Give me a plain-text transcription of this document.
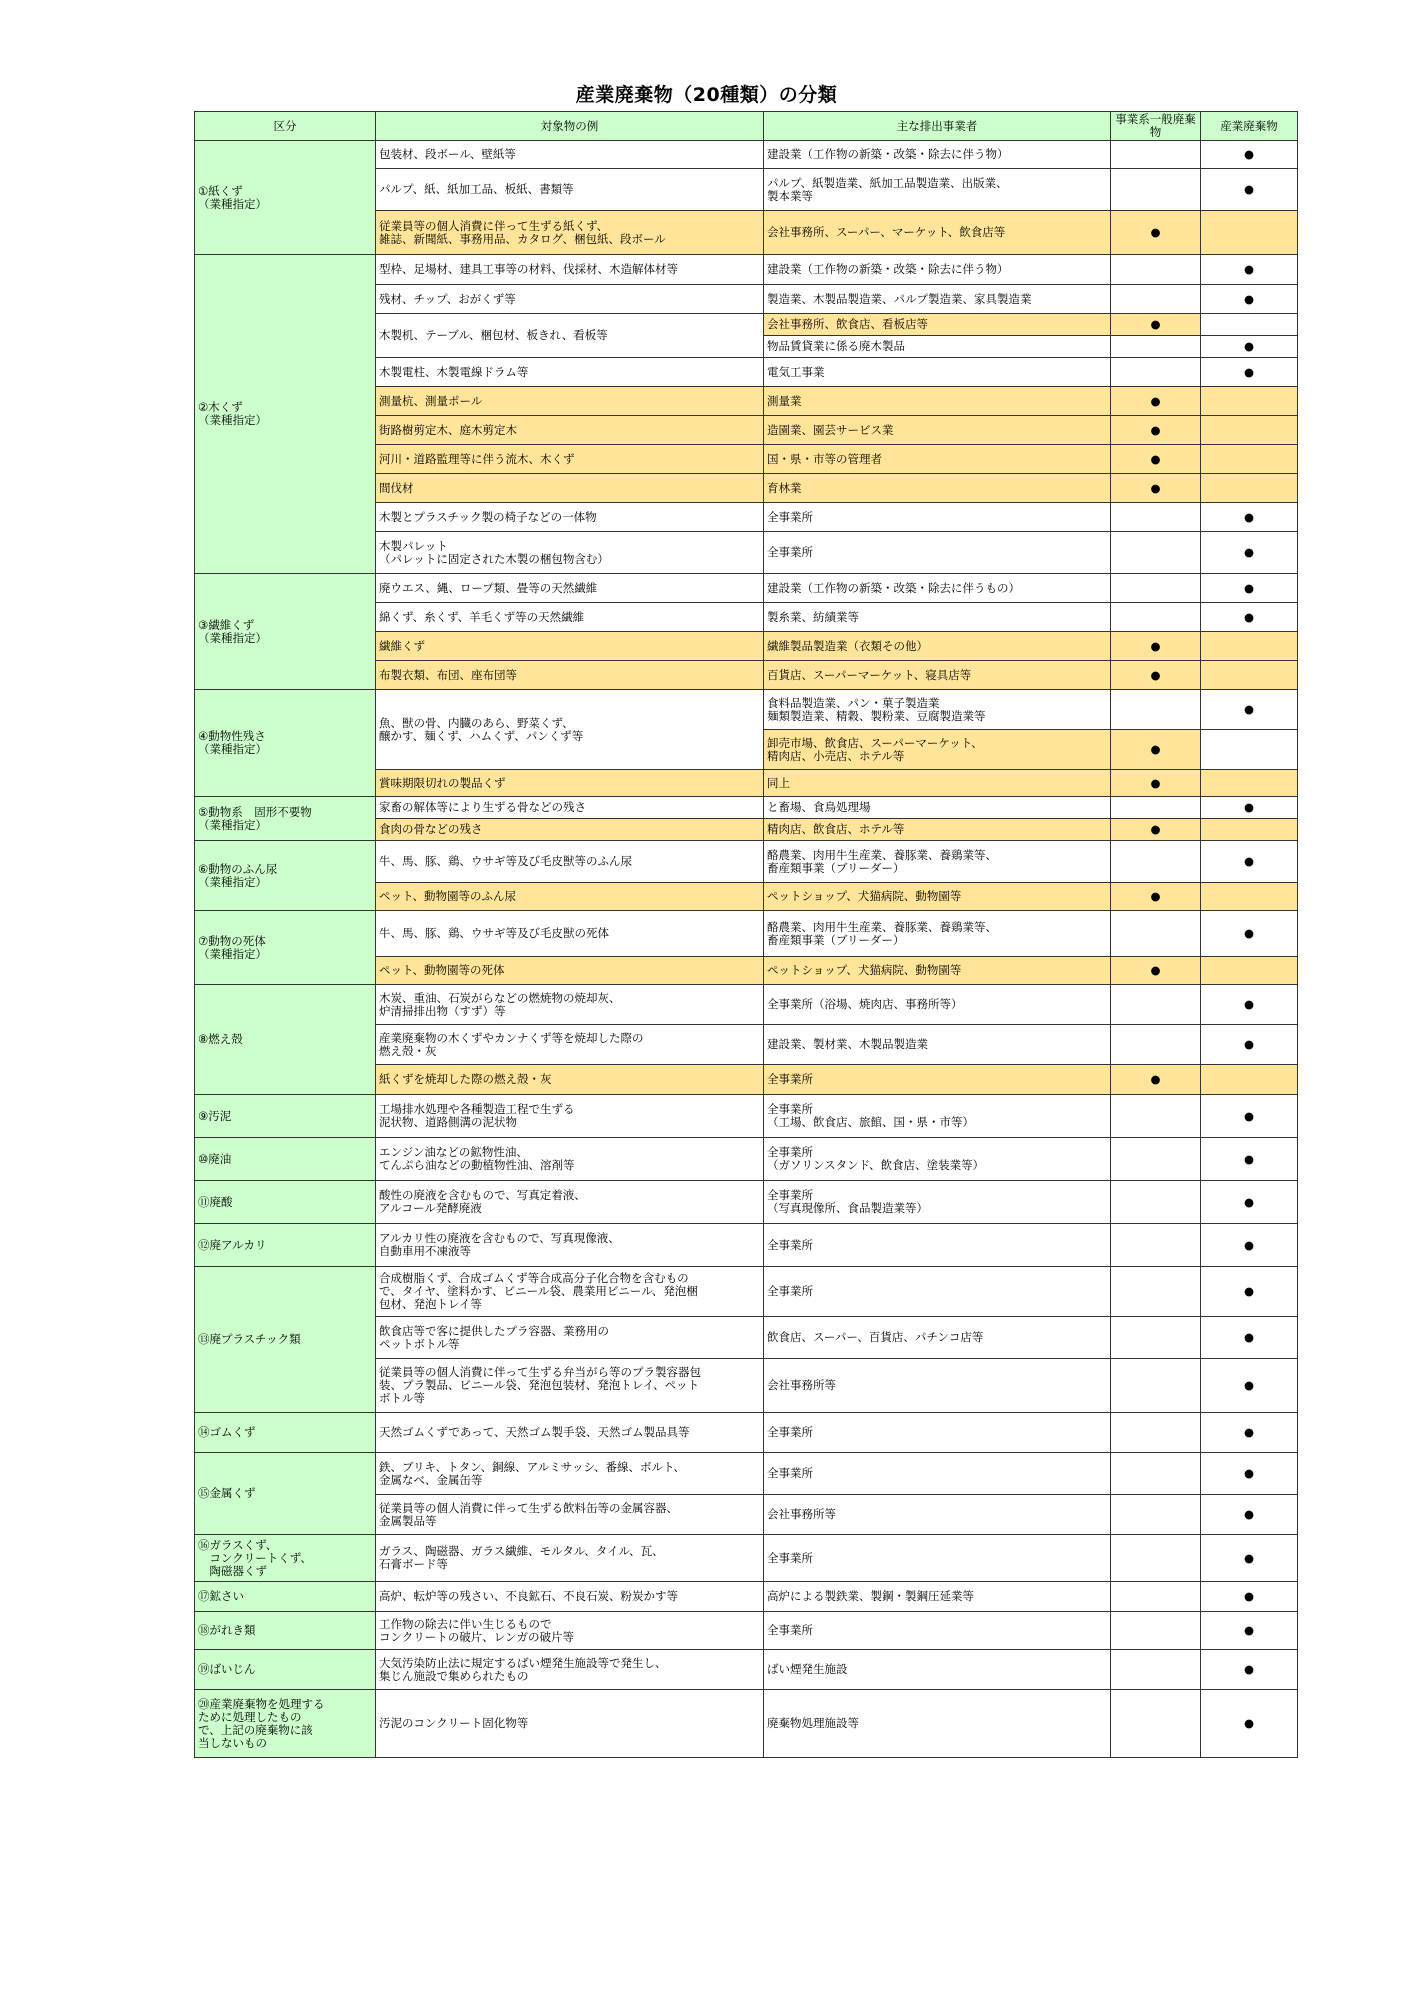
産業廃棄物（20種類）の分類
区分	対象物の例	主な排出事業者	事業系一般廃棄物	産業廃棄物
①紙くず
（業種指定）	包装材、段ボール、壁紙等	建設業（工作物の新築・改築・除去に伴う物）		●
	パルプ、紙、紙加工品、板紙、書類等	パルプ、紙製造業、紙加工品製造業、出版業、
製本業等		●
	従業員等の個人消費に伴って生ずる紙くず、
雑誌、新聞紙、事務用品、カタログ、梱包紙、段ボール	会社事務所、スーパー、マーケット、飲食店等	●	
②木くず
（業種指定）	型枠、足場材、建具工事等の材料、伐採材、木造解体材等	建設業（工作物の新築・改築・除去に伴う物）		●
	残材、チップ、おがくず等	製造業、木製品製造業、パルプ製造業、家具製造業		●
	木製机、テーブル、梱包材、板きれ、看板等	会社事務所、飲食店、看板店等	●	
		物品賃貸業に係る廃木製品		●
	木製電柱、木製電線ドラム等	電気工事業		●
	測量杭、測量ポール	測量業	●	
	街路樹剪定木、庭木剪定木	造園業、園芸サービス業	●	
	河川・道路監理等に伴う流木、木くず	国・県・市等の管理者	●	
	間伐材	育林業	●	
	木製とプラスチック製の椅子などの一体物	全事業所		●
	木製パレット
（パレットに固定された木製の梱包物含む）	全事業所		●
③繊維くず
（業種指定）	廃ウエス、縄、ロープ類、畳等の天然繊維	建設業（工作物の新築・改築・除去に伴うもの）		●
	綿くず、糸くず、羊毛くず等の天然繊維	製糸業、紡績業等		●
	繊維くず	繊維製品製造業（衣類その他）	●	
	布製衣類、布団、座布団等	百貨店、スーパーマーケット、寝具店等	●	
④動物性残さ
（業種指定）	魚、獣の骨、内臓のあら、野菜くず、
醸かす、麺くず、ハムくず、パンくず等	食料品製造業、パン・菓子製造業
麺類製造業、精穀、製粉業、豆腐製造業等		●
		卸売市場、飲食店、スーパーマーケット、
精肉店、小売店、ホテル等	●	
	賞味期限切れの製品くず	同上	●	
⑤動物系　固形不要物
（業種指定）	家畜の解体等により生ずる骨などの残さ	と畜場、食鳥処理場		●
	食肉の骨などの残さ	精肉店、飲食店、ホテル等	●	
⑥動物のふん尿
（業種指定）	牛、馬、豚、鶏、ウサギ等及び毛皮獣等のふん尿	酪農業、肉用牛生産業、養豚業、養鶏業等、
畜産類事業（ブリーダー）		●
	ペット、動物園等のふん尿	ペットショップ、犬猫病院、動物園等	●	
⑦動物の死体
（業種指定）	牛、馬、豚、鶏、ウサギ等及び毛皮獣の死体	酪農業、肉用牛生産業、養豚業、養鶏業等、
畜産類事業（ブリーダー）		●
	ペット、動物園等の死体	ペットショップ、犬猫病院、動物園等	●	
⑧燃え殻	木炭、重油、石炭がらなどの燃焼物の焼却灰、
炉清掃排出物（すず）等	全事業所（浴場、焼肉店、事務所等）		●
	産業廃棄物の木くずやカンナくず等を焼却した際の
燃え殻・灰	建設業、製材業、木製品製造業		●
	紙くずを焼却した際の燃え殻・灰	全事業所	●	
⑨汚泥	工場排水処理や各種製造工程で生ずる
泥状物、道路側溝の泥状物	全事業所
（工場、飲食店、旅館、国・県・市等）		●
⑩廃油	エンジン油などの鉱物性油、
てんぷら油などの動植物性油、溶剤等	全事業所
（ガソリンスタンド、飲食店、塗装業等）		●
⑪廃酸	酸性の廃液を含むもので、写真定着液、
アルコール発酵廃液	全事業所
（写真現像所、食品製造業等）		●
⑫廃アルカリ	アルカリ性の廃液を含むもので、写真現像液、
自動車用不凍液等	全事業所		●
⑬廃プラスチック類	合成樹脂くず、合成ゴムくず等合成高分子化合物を含むもの
で、タイヤ、塗料かす、ビニール袋、農業用ビニール、発泡梱
包材、発泡トレイ等	全事業所		●
	飲食店等で客に提供したプラ容器、業務用の
ペットボトル等	飲食店、スーパー、百貨店、パチンコ店等		●
	従業員等の個人消費に伴って生ずる弁当がら等のプラ製容器包
装、プラ製品、ビニール袋、発泡包装材、発泡トレイ、ペット
ボトル等	会社事務所等		●
⑭ゴムくず	天然ゴムくずであって、天然ゴム製手袋、天然ゴム製品具等	全事業所		●
⑮金属くず	鉄、ブリキ、トタン、銅線、アルミサッシ、番線、ボルト、
金属なべ、金属缶等	全事業所		●
	従業員等の個人消費に伴って生ずる飲料缶等の金属容器、
金属製品等	会社事務所等		●
⑯ガラスくず、
　コンクリートくず、
　陶磁器くず	ガラス、陶磁器、ガラス繊維、モルタル、タイル、瓦、
石膏ボード等	全事業所		●
⑰鉱さい	高炉、転炉等の残さい、不良鉱石、不良石炭、粉炭かす等	高炉による製鉄業、製鋼・製鋼圧延業等		●
⑱がれき類	工作物の除去に伴い生じるもので
コンクリートの破片、レンガの破片等	全事業所		●
⑲ばいじん	大気汚染防止法に規定するばい煙発生施設等で発生し、
集じん施設で集められたもの	ばい煙発生施設		●
⑳産業廃棄物を処理する
ために処理したもの
で、上記の廃棄物に該
当しないもの	汚泥のコンクリート固化物等	廃棄物処理施設等		●
